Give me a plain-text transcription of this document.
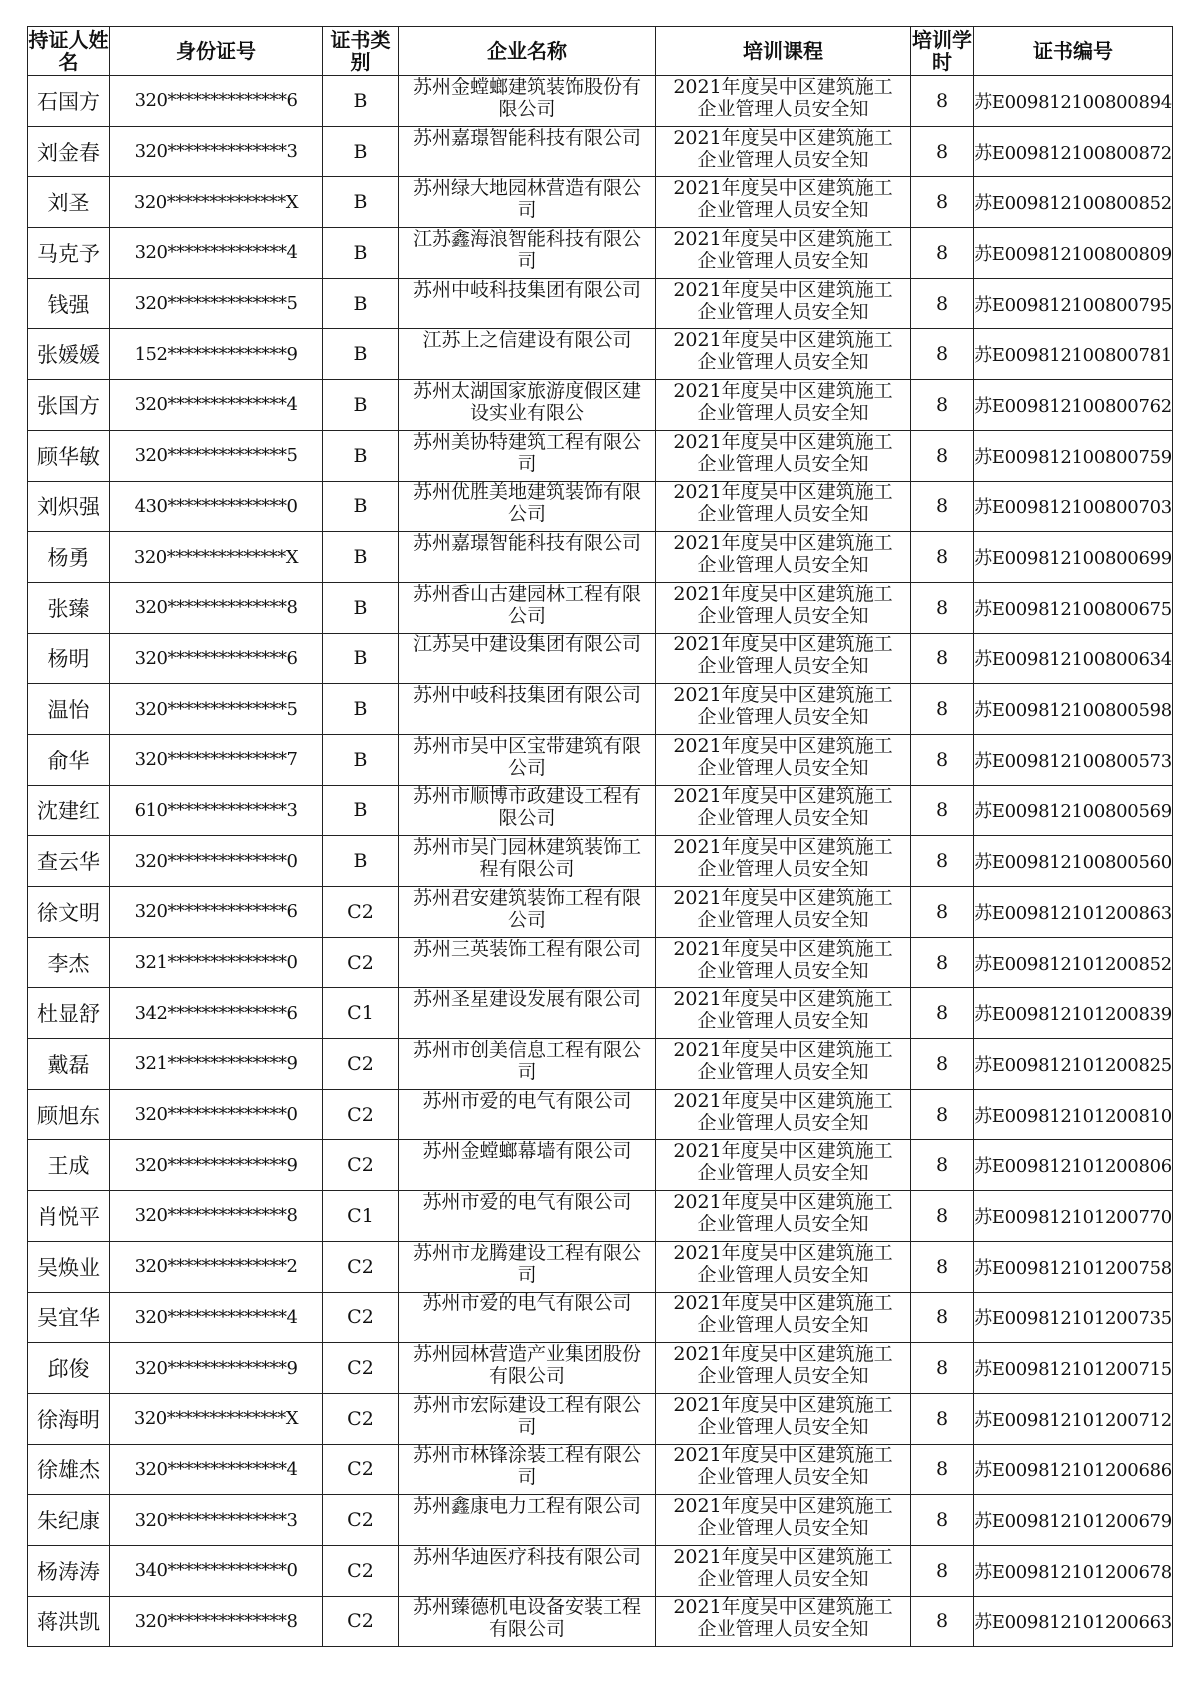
持证人姓名	身份证号	证书类别	企业名称	培训课程	培训学时	证书编号
石国方	320**************6	B	苏州金螳螂建筑装饰股份有限公司	2021年度吴中区建筑施工企业管理人员安全知	8	苏E009812100800894
刘金春	320**************3	B	苏州嘉璟智能科技有限公司	2021年度吴中区建筑施工企业管理人员安全知	8	苏E009812100800872
刘圣	320**************X	B	苏州绿大地园林营造有限公司	2021年度吴中区建筑施工企业管理人员安全知	8	苏E009812100800852
马克予	320**************4	B	江苏鑫海浪智能科技有限公司	2021年度吴中区建筑施工企业管理人员安全知	8	苏E009812100800809
钱强	320**************5	B	苏州中岐科技集团有限公司	2021年度吴中区建筑施工企业管理人员安全知	8	苏E009812100800795
张媛媛	152**************9	B	江苏上之信建设有限公司	2021年度吴中区建筑施工企业管理人员安全知	8	苏E009812100800781
张国方	320**************4	B	苏州太湖国家旅游度假区建设实业有限公	2021年度吴中区建筑施工企业管理人员安全知	8	苏E009812100800762
顾华敏	320**************5	B	苏州美协特建筑工程有限公司	2021年度吴中区建筑施工企业管理人员安全知	8	苏E009812100800759
刘炽强	430**************0	B	苏州优胜美地建筑装饰有限公司	2021年度吴中区建筑施工企业管理人员安全知	8	苏E009812100800703
杨勇	320**************X	B	苏州嘉璟智能科技有限公司	2021年度吴中区建筑施工企业管理人员安全知	8	苏E009812100800699
张臻	320**************8	B	苏州香山古建园林工程有限公司	2021年度吴中区建筑施工企业管理人员安全知	8	苏E009812100800675
杨明	320**************6	B	江苏吴中建设集团有限公司	2021年度吴中区建筑施工企业管理人员安全知	8	苏E009812100800634
温怡	320**************5	B	苏州中岐科技集团有限公司	2021年度吴中区建筑施工企业管理人员安全知	8	苏E009812100800598
俞华	320**************7	B	苏州市吴中区宝带建筑有限公司	2021年度吴中区建筑施工企业管理人员安全知	8	苏E009812100800573
沈建红	610**************3	B	苏州市顺博市政建设工程有限公司	2021年度吴中区建筑施工企业管理人员安全知	8	苏E009812100800569
查云华	320**************0	B	苏州市吴门园林建筑装饰工程有限公司	2021年度吴中区建筑施工企业管理人员安全知	8	苏E009812100800560
徐文明	320**************6	C2	苏州君安建筑装饰工程有限公司	2021年度吴中区建筑施工企业管理人员安全知	8	苏E009812101200863
李杰	321**************0	C2	苏州三英装饰工程有限公司	2021年度吴中区建筑施工企业管理人员安全知	8	苏E009812101200852
杜显舒	342**************6	C1	苏州圣星建设发展有限公司	2021年度吴中区建筑施工企业管理人员安全知	8	苏E009812101200839
戴磊	321**************9	C2	苏州市创美信息工程有限公司	2021年度吴中区建筑施工企业管理人员安全知	8	苏E009812101200825
顾旭东	320**************0	C2	苏州市爱的电气有限公司	2021年度吴中区建筑施工企业管理人员安全知	8	苏E009812101200810
王成	320**************9	C2	苏州金螳螂幕墙有限公司	2021年度吴中区建筑施工企业管理人员安全知	8	苏E009812101200806
肖悦平	320**************8	C1	苏州市爱的电气有限公司	2021年度吴中区建筑施工企业管理人员安全知	8	苏E009812101200770
吴焕业	320**************2	C2	苏州市龙腾建设工程有限公司	2021年度吴中区建筑施工企业管理人员安全知	8	苏E009812101200758
吴宜华	320**************4	C2	苏州市爱的电气有限公司	2021年度吴中区建筑施工企业管理人员安全知	8	苏E009812101200735
邱俊	320**************9	C2	苏州园林营造产业集团股份有限公司	2021年度吴中区建筑施工企业管理人员安全知	8	苏E009812101200715
徐海明	320**************X	C2	苏州市宏际建设工程有限公司	2021年度吴中区建筑施工企业管理人员安全知	8	苏E009812101200712
徐雄杰	320**************4	C2	苏州市林锋涂装工程有限公司	2021年度吴中区建筑施工企业管理人员安全知	8	苏E009812101200686
朱纪康	320**************3	C2	苏州鑫康电力工程有限公司	2021年度吴中区建筑施工企业管理人员安全知	8	苏E009812101200679
杨涛涛	340**************0	C2	苏州华迪医疗科技有限公司	2021年度吴中区建筑施工企业管理人员安全知	8	苏E009812101200678
蒋洪凯	320**************8	C2	苏州臻德机电设备安装工程有限公司	2021年度吴中区建筑施工企业管理人员安全知	8	苏E009812101200663
